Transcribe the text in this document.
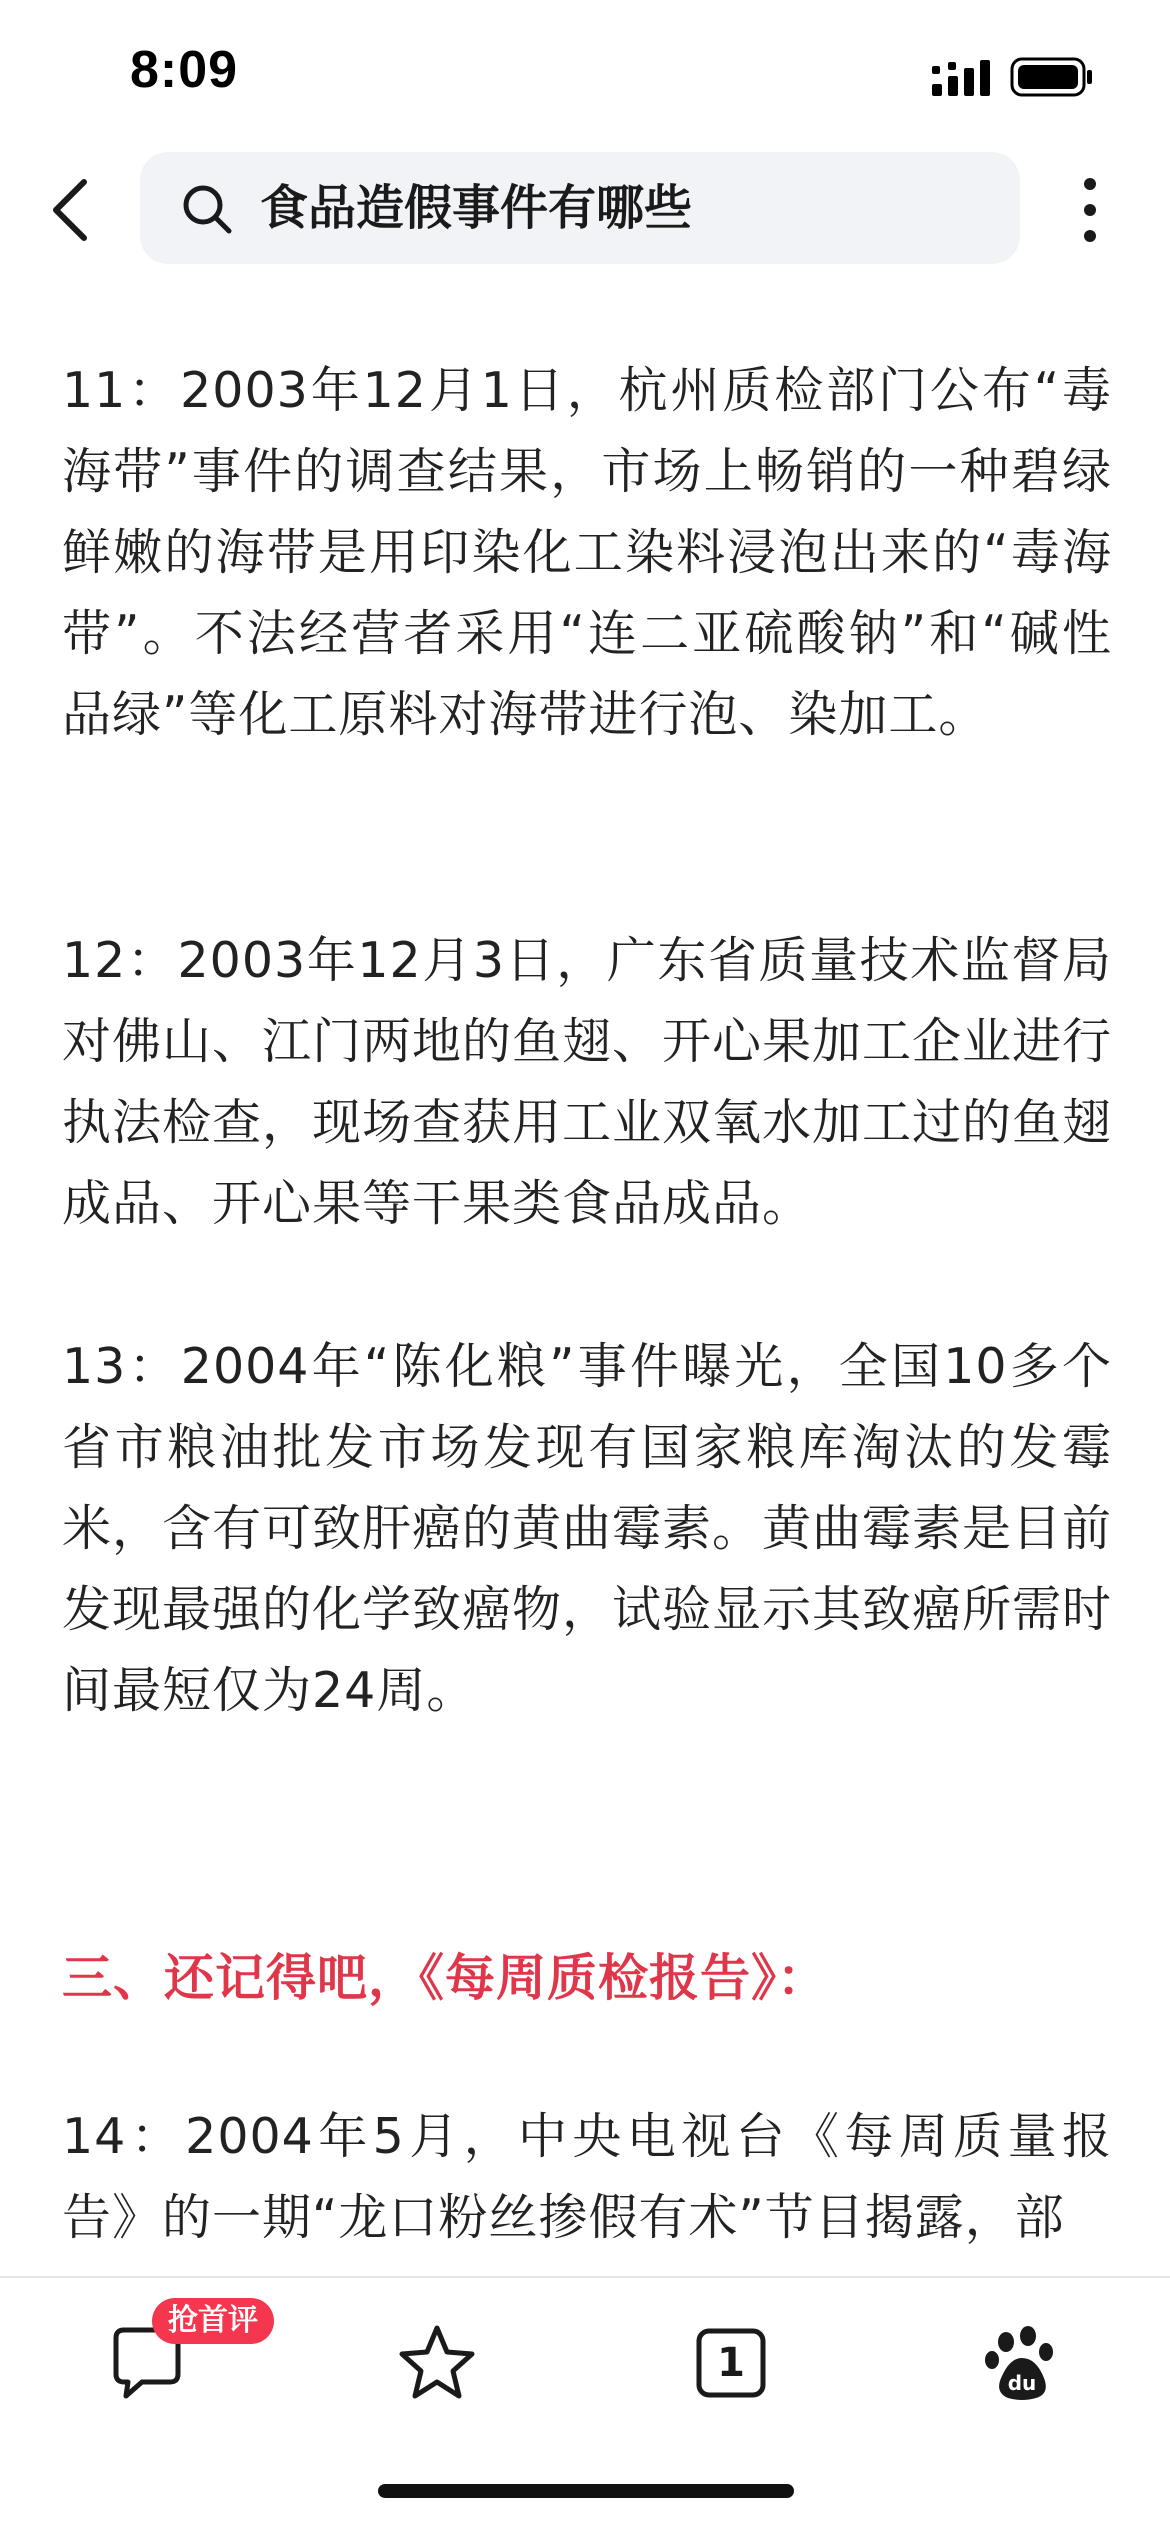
8:09
食品造假事件有哪些

11：2003年12月1日，杭州质检部门公布“毒海带”事件的调查结果，市场上畅销的一种碧绿鲜嫩的海带是用印染化工染料浸泡出来的“毒海带”。不法经营者采用“连二亚硫酸钠”和“碱性品绿”等化工原料对海带进行泡、染加工。

12：2003年12月3日，广东省质量技术监督局对佛山、江门两地的鱼翅、开心果加工企业进行执法检查，现场查获用工业双氧水加工过的鱼翅成品、开心果等干果类食品成品。

13：2004年“陈化粮”事件曝光，全国10多个省市粮油批发市场发现有国家粮库淘汰的发霉米，含有可致肝癌的黄曲霉素。黄曲霉素是目前发现最强的化学致癌物，试验显示其致癌所需时间最短仅为24周。

三、还记得吧，《每周质检报告》：

14：2004年5月，中央电视台《每周质量报告》的一期“龙口粉丝掺假有术”节目揭露，部

抢首评
1	du
